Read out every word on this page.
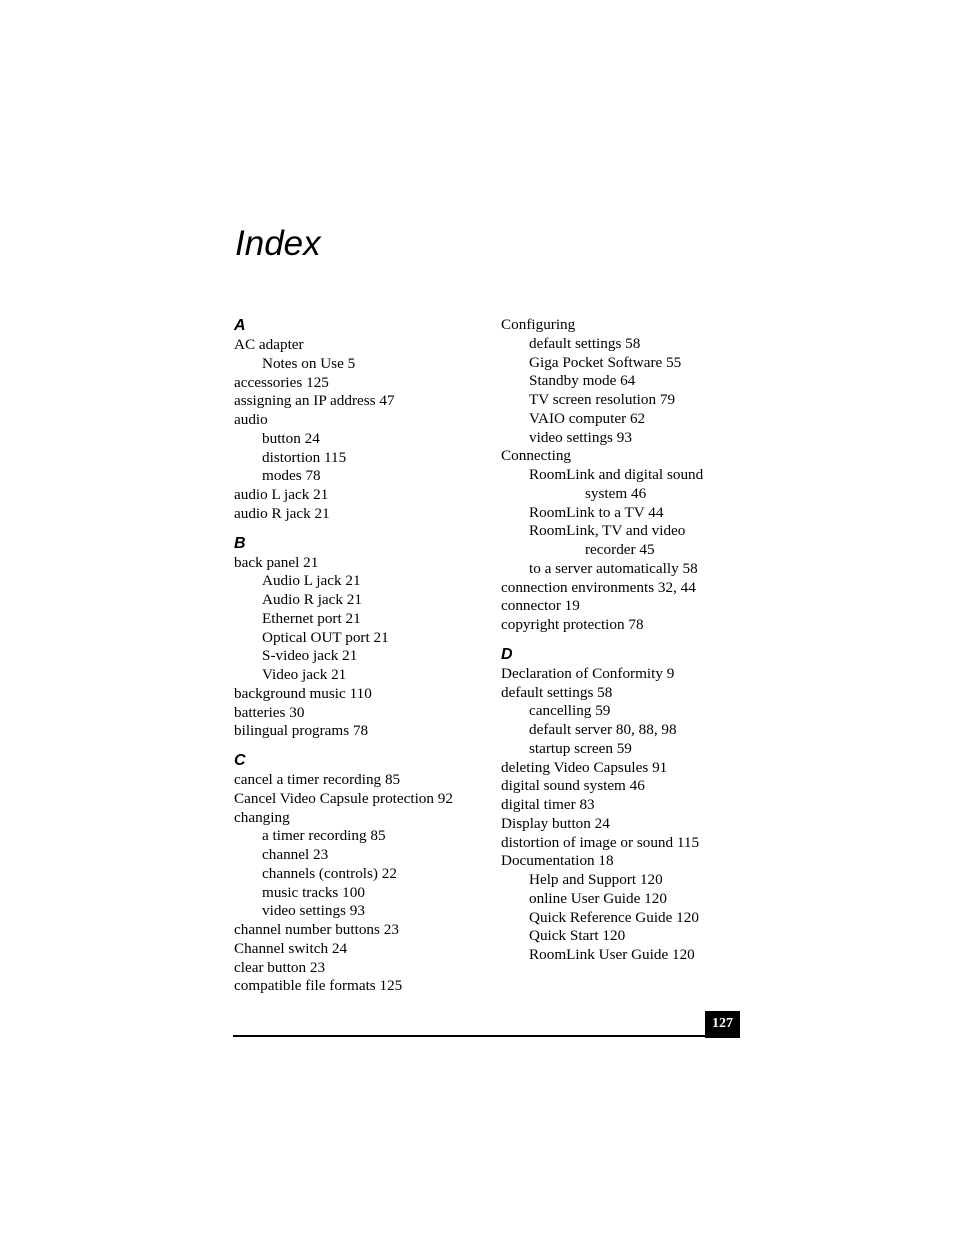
Index
A
AC adapter
Notes on Use 5
accessories 125
assigning an IP address 47
audio
button 24
distortion 115
modes 78
audio L jack 21
audio R jack 21
B
back panel 21
Audio L jack 21
Audio R jack 21
Ethernet port 21
Optical OUT port 21
S-video jack 21
Video jack 21
background music 110
batteries 30
bilingual programs 78
C
cancel a timer recording 85
Cancel Video Capsule protection 92
changing
a timer recording 85
channel 23
channels (controls) 22
music tracks 100
video settings 93
channel number buttons 23
Channel switch 24
clear button 23
compatible file formats 125
Configuring
default settings 58
Giga Pocket Software 55
Standby mode 64
TV screen resolution 79
VAIO computer 62
video settings 93
Connecting
RoomLink and digital sound
system 46
RoomLink to a TV 44
RoomLink, TV and video
recorder 45
to a server automatically 58
connection environments 32, 44
connector 19
copyright protection 78
D
Declaration of Conformity 9
default settings 58
cancelling 59
default server 80, 88, 98
startup screen 59
deleting Video Capsules 91
digital sound system 46
digital timer 83
Display button 24
distortion of image or sound 115
Documentation 18
Help and Support 120
online User Guide 120
Quick Reference Guide 120
Quick Start 120
RoomLink User Guide 120
127
